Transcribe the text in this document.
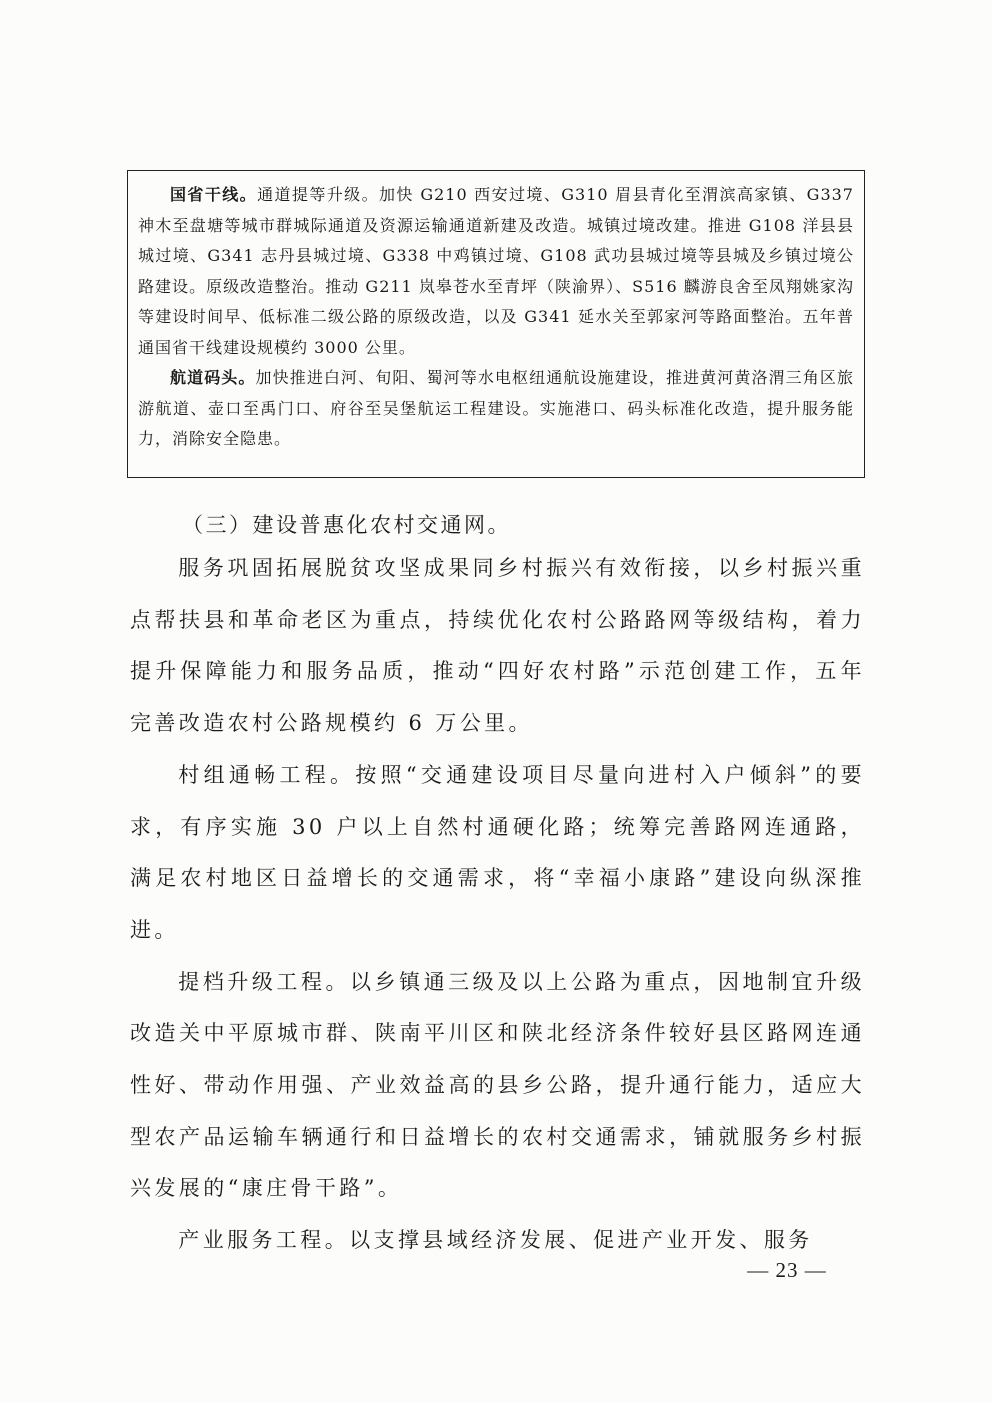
国省干线。通道提等升级。加快 G210 西安过境、G310 眉县青化至渭滨高家镇、G337 神木至盘塘等城市群城际通道及资源运输通道新建及改造。城镇过境改建。推进 G108 洋县县城过境、G341 志丹县城过境、G338 中鸡镇过境、G108 武功县城过境等县城及乡镇过境公路建设。原级改造整治。推动 G211 岚皋苍水至青坪（陕渝界）、S516 麟游良舍至凤翔姚家沟等建设时间早、低标准二级公路的原级改造，以及 G341 延水关至郭家河等路面整治。五年普通国省干线建设规模约 3000 公里。

航道码头。加快推进白河、旬阳、蜀河等水电枢纽通航设施建设，推进黄河黄洛渭三角区旅游航道、壶口至禹门口、府谷至吴堡航运工程建设。实施港口、码头标准化改造，提升服务能力，消除安全隐患。

（三）建设普惠化农村交通网。

服务巩固拓展脱贫攻坚成果同乡村振兴有效衔接，以乡村振兴重点帮扶县和革命老区为重点，持续优化农村公路路网等级结构，着力提升保障能力和服务品质，推动“四好农村路”示范创建工作，五年完善改造农村公路规模约 6 万公里。

村组通畅工程。按照“交通建设项目尽量向进村入户倾斜”的要求，有序实施 30 户以上自然村通硬化路；统筹完善路网连通路，满足农村地区日益增长的交通需求，将“幸福小康路”建设向纵深推进。

提档升级工程。以乡镇通三级及以上公路为重点，因地制宜升级改造关中平原城市群、陕南平川区和陕北经济条件较好县区路网连通性好、带动作用强、产业效益高的县乡公路，提升通行能力，适应大型农产品运输车辆通行和日益增长的农村交通需求，铺就服务乡村振兴发展的“康庄骨干路”。

产业服务工程。以支撑县域经济发展、促进产业开发、服务

— 23 —
